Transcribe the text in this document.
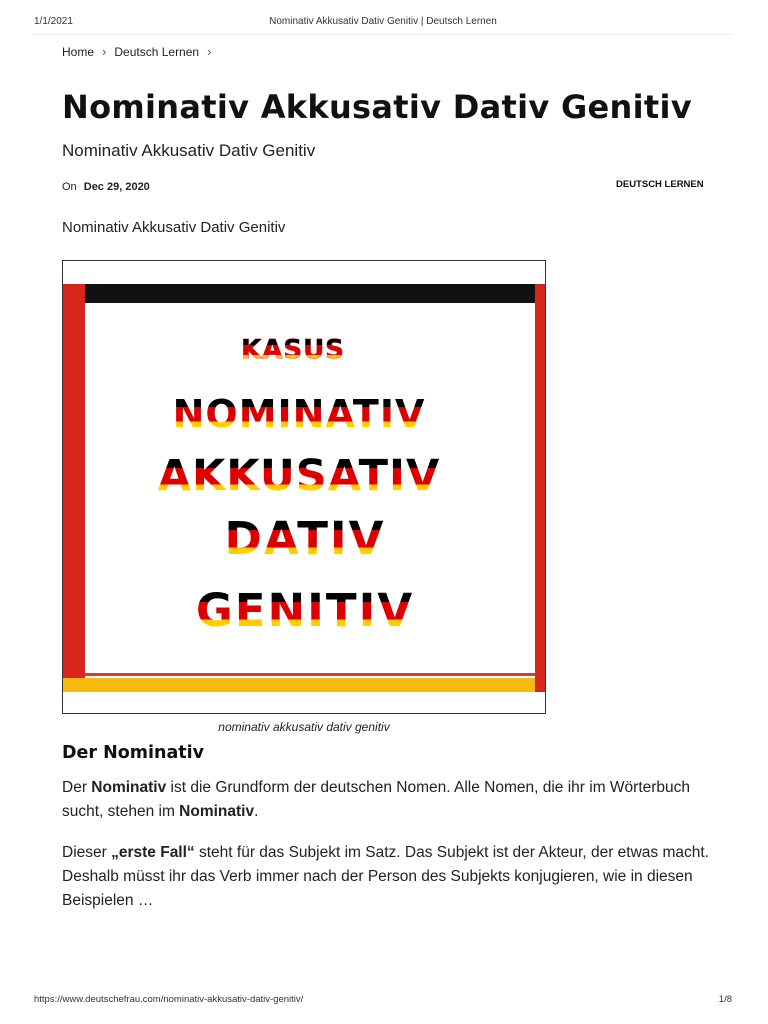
1/1/2021	Nominativ Akkusativ Dativ Genitiv | Deutsch Lernen
Home › Deutsch Lernen ›
Nominativ Akkusativ Dativ Genitiv
Nominativ Akkusativ Dativ Genitiv
On Dec 29, 2020	DEUTSCH LERNEN
Nominativ Akkusativ Dativ Genitiv
KASUS
NOMINATIV
AKKUSATIV
DATIV
GENITIV
nominativ akkusativ dativ genitiv
Der Nominativ

Der Nominativ ist die Grundform der deutschen Nomen. Alle Nomen, die ihr im Wörterbuch sucht, stehen im Nominativ.

Dieser „erste Fall“ steht für das Subjekt im Satz. Das Subjekt ist der Akteur, der etwas macht. Deshalb müsst ihr das Verb immer nach der Person des Subjekts konjugieren, wie in diesen Beispielen …

https://www.deutschefrau.com/nominativ-akkusativ-dativ-genitiv/	1/8
